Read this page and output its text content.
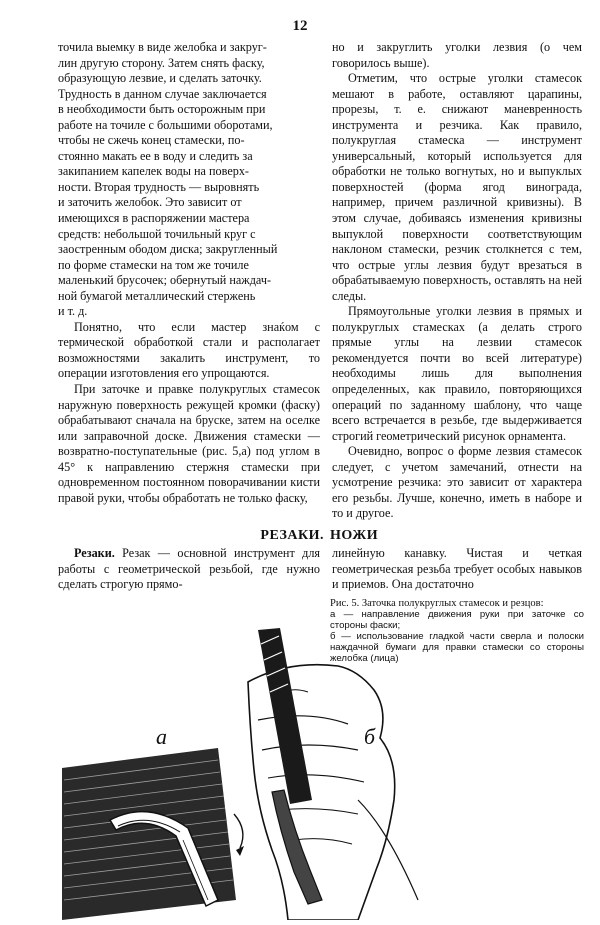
12
точила выемку в виде желобка и закруг-
лин другую сторону. Затем снять фаску,
образующую лезвие, и сделать заточку.
Трудность в данном случае заключается
в необходимости быть осторожным при
работе на точиле с большими оборотами,
чтобы не сжечь конец стамески, по-
стоянно макать ее в воду и следить за
закипанием капелек воды на поверх-
ности. Вторая трудность — выровнять
и заточить желобок. Это зависит от
имеющихся в распоряжении мастера
средств: небольшой точильный круг с
заостренным ободом диска; закругленный
по форме стамески на том же точиле
маленький брусочек; обернутый наждач-
ной бумагой металлический стержень
и т. д.

Понятно, что если мастер знаќом с термической обработкой стали и располагает возможностями закалить инструмент, то операции изготовления его упрощаются.

При заточке и правке полукруглых стамесок наружную поверхность режущей кромки (фаску) обрабатывают сначала на бруске, затем на оселке или заправочной доске. Движения стамески — возвратно-поступательные (рис. 5,а) под углом в 45° к направлению стержня стамески при одновременном постоянном поворачивании кисти правой руки, чтобы обработать не только фаску,

но и закруглить уголки лезвия (о чем говорилось выше).

Отметим, что острые уголки стамесок мешают в работе, оставляют царапины, прорезы, т. е. снижают маневренность инструмента и резчика. Как правило, полукруглая стамеска — инструмент универсальный, который используется для обработки не только вогнутых, но и выпуклых поверхностей (форма ягод винограда, например, причем различной кривизны). В этом случае, добиваясь изменения кривизны выпуклой поверхности соответствующим наклоном стамески, резчик столкнется с тем, что острые углы лезвия будут врезаться в обрабатываемую поверхность, оставлять на ней следы.

Прямоугольные уголки лезвия в прямых и полукруглых стамесках (а делать строго прямые углы на лезвии стамесок рекомендуется почти во всей литературе) необходимы лишь для выполнения определенных, как правило, повторяющихся операций по заданному шаблону, что чаще всего встречается в резьбе, где выдерживается строгий геометрический рисунок орнамента.

Очевидно, вопрос о форме лезвия стамесок следует, с учетом замечаний, отнести на усмотрение резчика: это зависит от характера его резьбы. Лучше, конечно, иметь в наборе и то и другое.

РЕЗАКИ. НОЖИ

Резаки. Резак — основной инструмент для работы с геометрической резьбой, где нужно сделать строгую прямо-

линейную канавку. Чистая и четкая геометрическая резьба требует особых навыков и приемов. Она достаточно

Рис. 5. Заточка полукруглых стамесок и резцов:
а — направление движения руки при заточке со стороны фаски;
б — использование гладкой части сверла и полоски наждачной бумаги для правки стамески со стороны желобка (лица)
а	б
